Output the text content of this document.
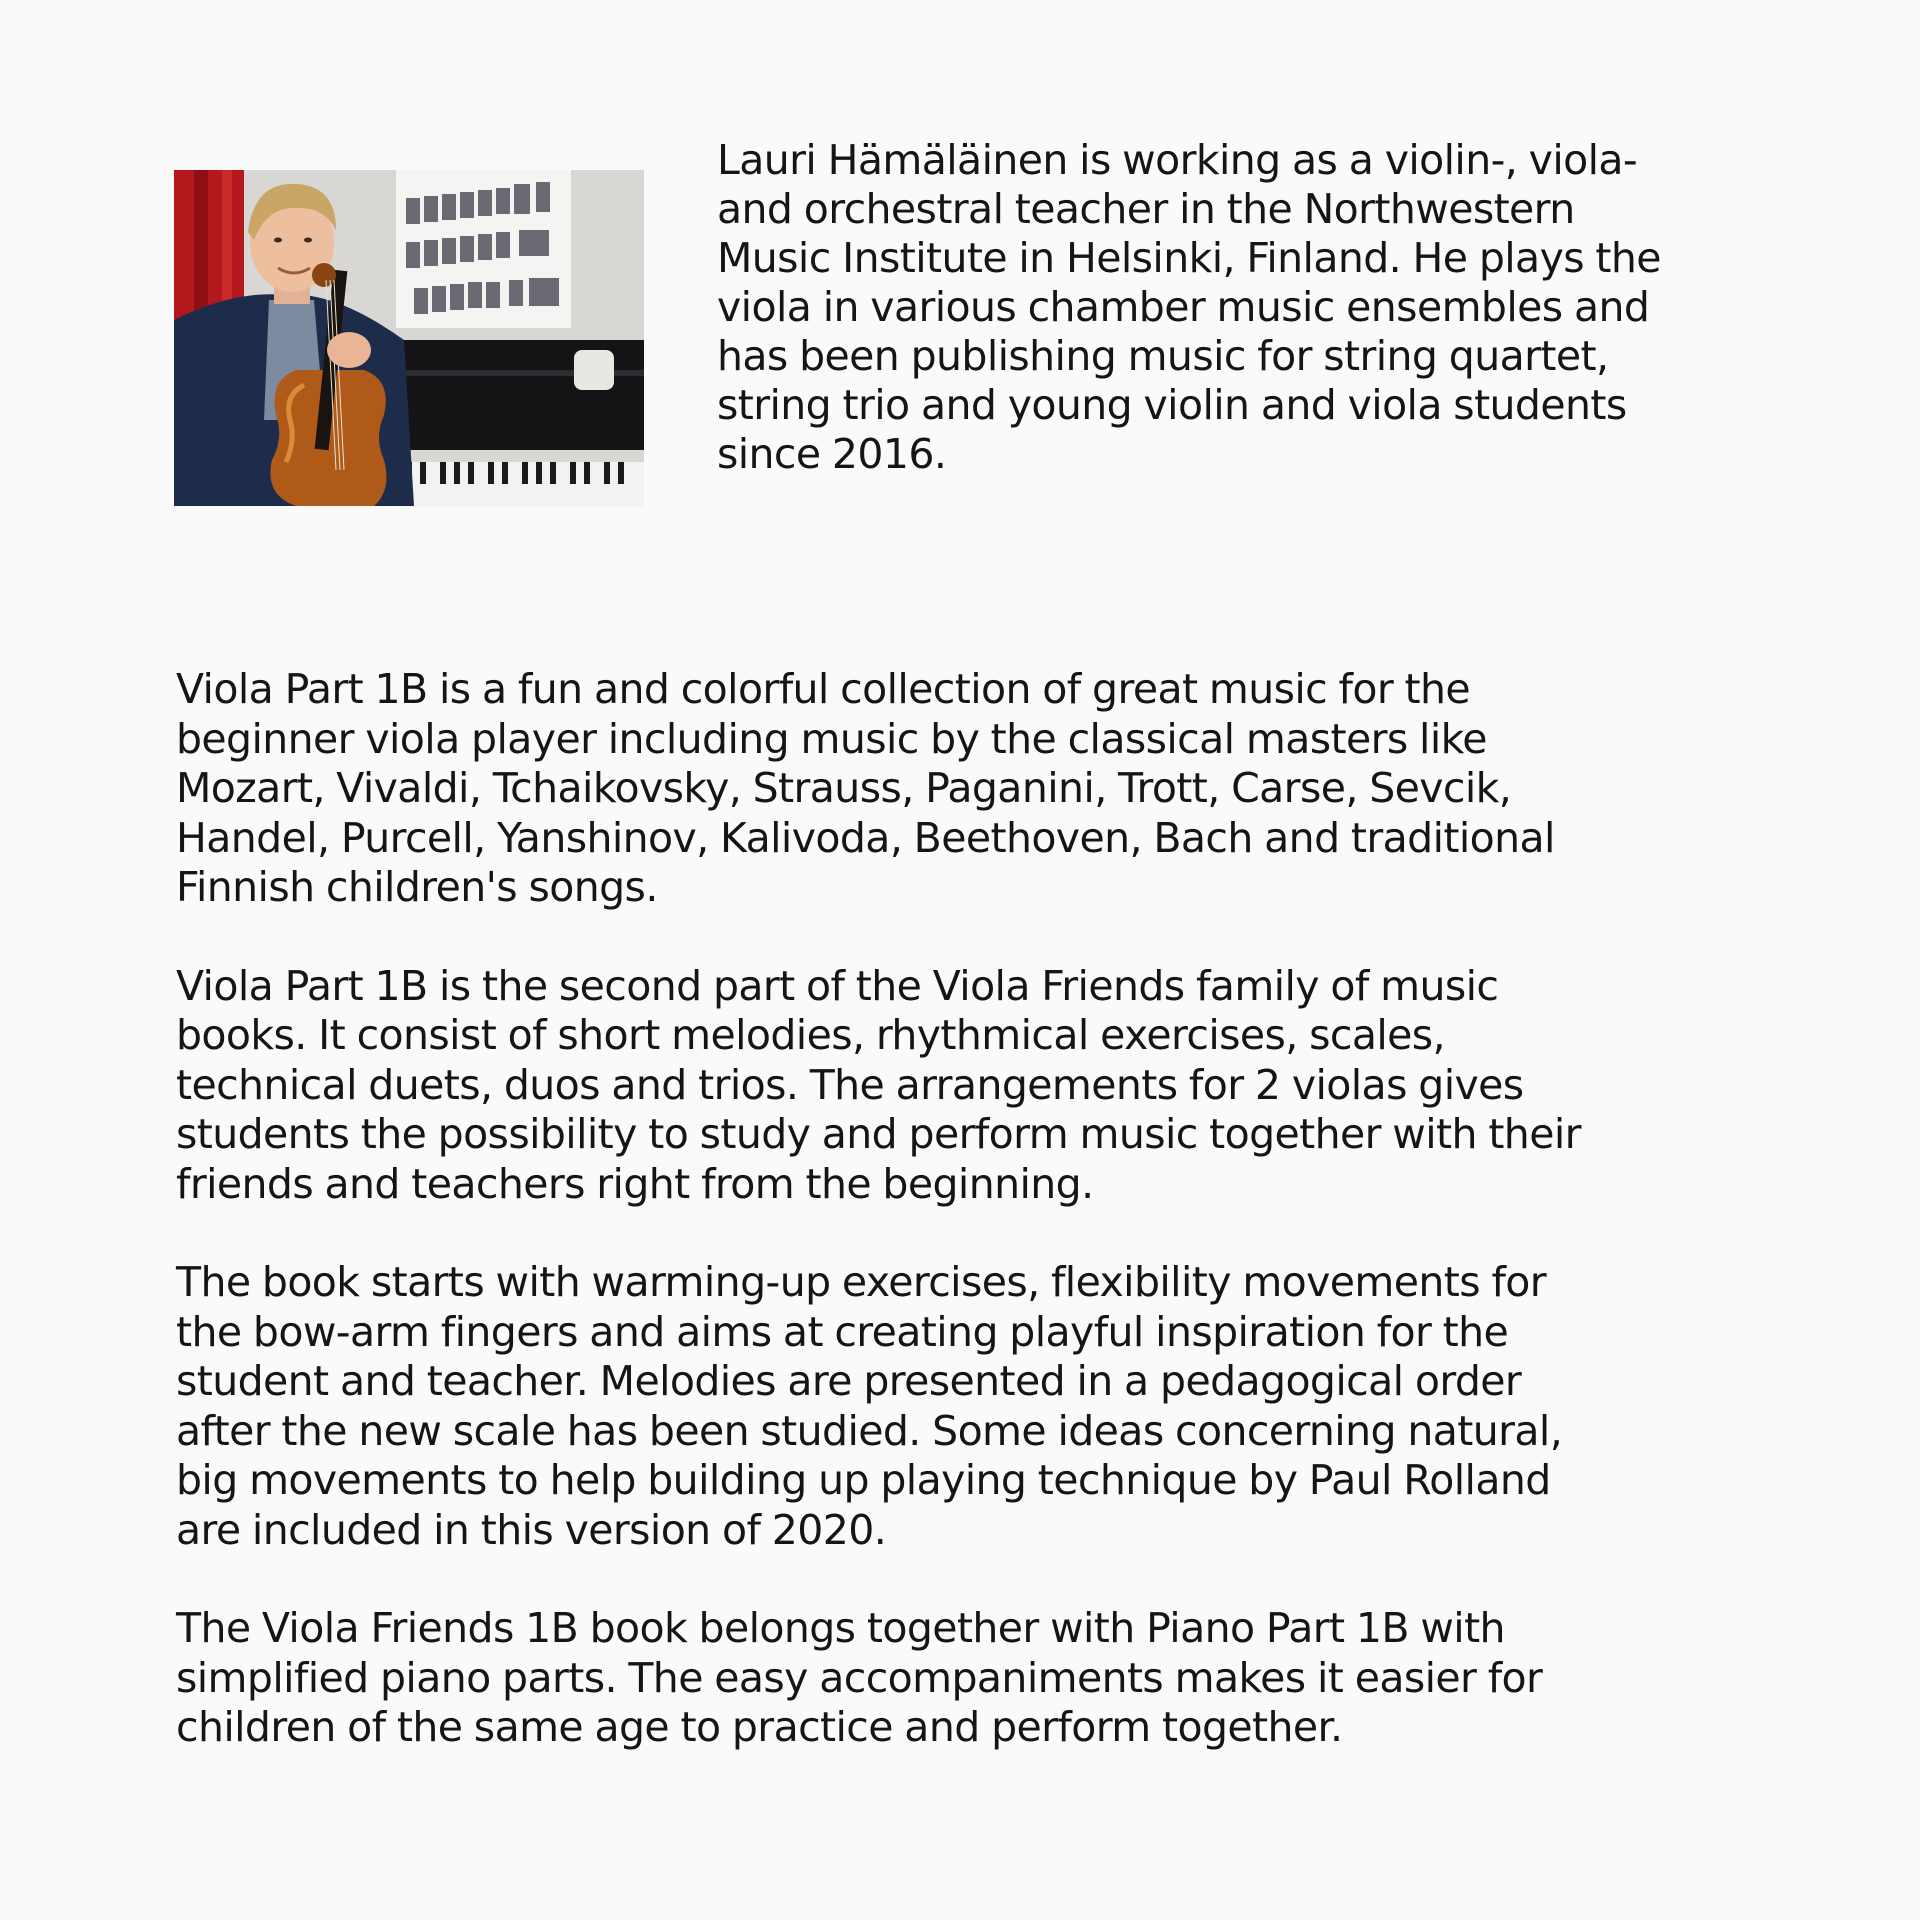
Lauri Hämäläinen is working as a violin-, viola-
and orchestral teacher in the Northwestern
Music Institute in Helsinki, Finland. He plays the
viola in various chamber music ensembles and
has been publishing music for string quartet,
string trio and young violin and viola students
since 2016.

Viola Part 1B is a fun and colorful collection of great music for the
beginner viola player including music by the classical masters like
Mozart, Vivaldi, Tchaikovsky, Strauss, Paganini, Trott, Carse, Sevcik,
Handel, Purcell, Yanshinov, Kalivoda, Beethoven, Bach and traditional
Finnish children's songs.

Viola Part 1B is the second part of the Viola Friends family of music
books. It consist of short melodies, rhythmical exercises, scales,
technical duets, duos and trios. The arrangements for 2 violas gives
students the possibility to study and perform music together with their
friends and teachers right from the beginning.

The book starts with warming-up exercises, flexibility movements for
the bow-arm fingers and aims at creating playful inspiration for the
student and teacher. Melodies are presented in a pedagogical order
after the new scale has been studied. Some ideas concerning natural,
big movements to help building up playing technique by Paul Rolland
are included in this version of 2020.

The Viola Friends 1B book belongs together with Piano Part 1B with
simplified piano parts. The easy accompaniments makes it easier for
children of the same age to practice and perform together.
